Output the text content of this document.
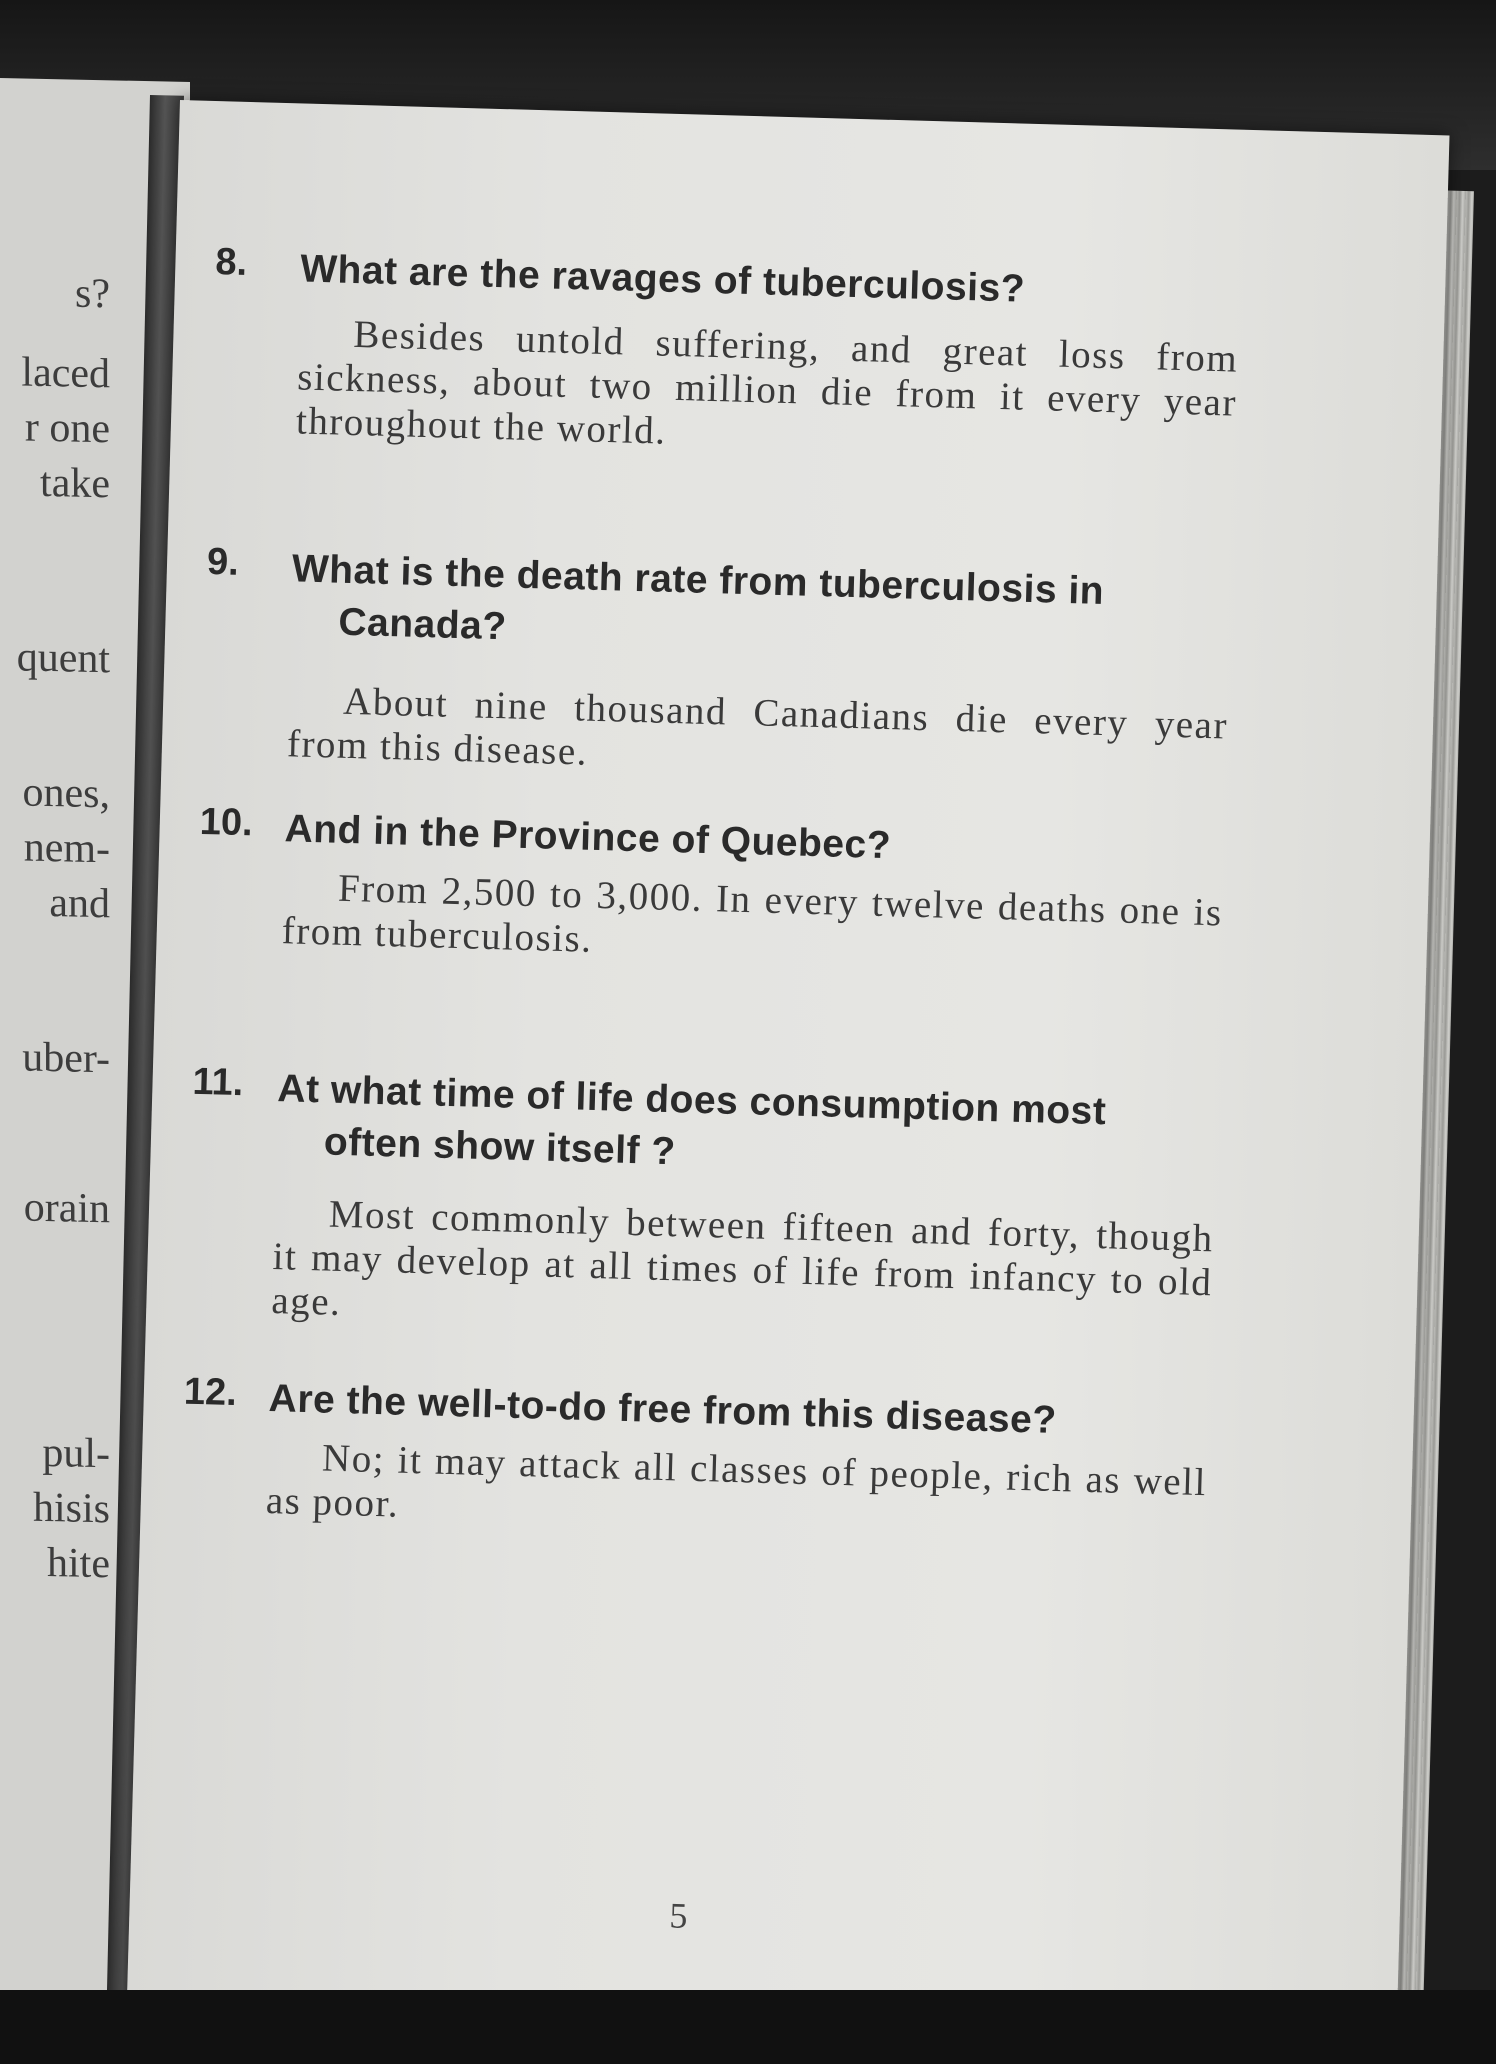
s?
laced
r one
take
quent
ones,
nem-
and
uber-
orain
pul-
hisis
hite
8. What are the ravages of tuberculosis?
Besides untold suffering, and great loss from sickness, about two million die from it every year throughout the world.
9. What is the death rate from tuberculosis in
Canada?
About nine thousand Canadians die every year from this disease.
10. And in the Province of Quebec?
From 2,500 to 3,000. In every twelve deaths one is from tuberculosis.
11. At what time of life does consumption most
often show itself ?
Most commonly between fifteen and forty, though it may develop at all times of life from infancy to old age.
12. Are the well-to-do free from this disease?
No; it may attack all classes of people, rich as well as poor.
5
